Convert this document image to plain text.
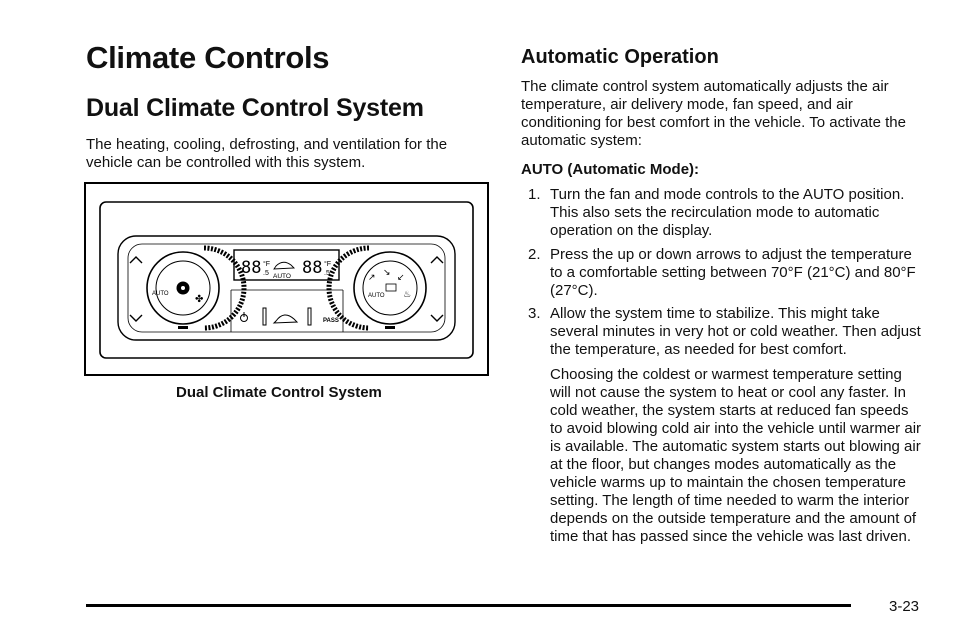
Climate Controls
Dual Climate Control System
The heating, cooling, defrosting, and ventilation for the vehicle can be controlled with this system.
AUTO	✤
↗ ↘ ↙
AUTO ♨
88 °F
.5 AUTO 88 °F
.5
PASS
Dual Climate Control System
Automatic Operation
The climate control system automatically adjusts the air temperature, air delivery mode, fan speed, and air conditioning for best comfort in the vehicle. To activate the automatic system:
AUTO (Automatic Mode):
1. Turn the fan and mode controls to the AUTO position. This also sets the recirculation mode to automatic operation on the display.
2. Press the up or down arrows to adjust the temperature to a comfortable setting between 70°F (21°C) and 80°F (27°C).
3. Allow the system time to stabilize. This might take several minutes in very hot or cold weather. Then adjust the temperature, as needed for best comfort.
Choosing the coldest or warmest temperature setting will not cause the system to heat or cool any faster. In cold weather, the system starts at reduced fan speeds to avoid blowing cold air into the vehicle until warmer air is available. The automatic system starts out blowing air at the floor, but changes modes automatically as the vehicle warms up to maintain the chosen temperature setting. The length of time needed to warm the interior depends on the outside temperature and the amount of time that has passed since the vehicle was last driven.
3-23
